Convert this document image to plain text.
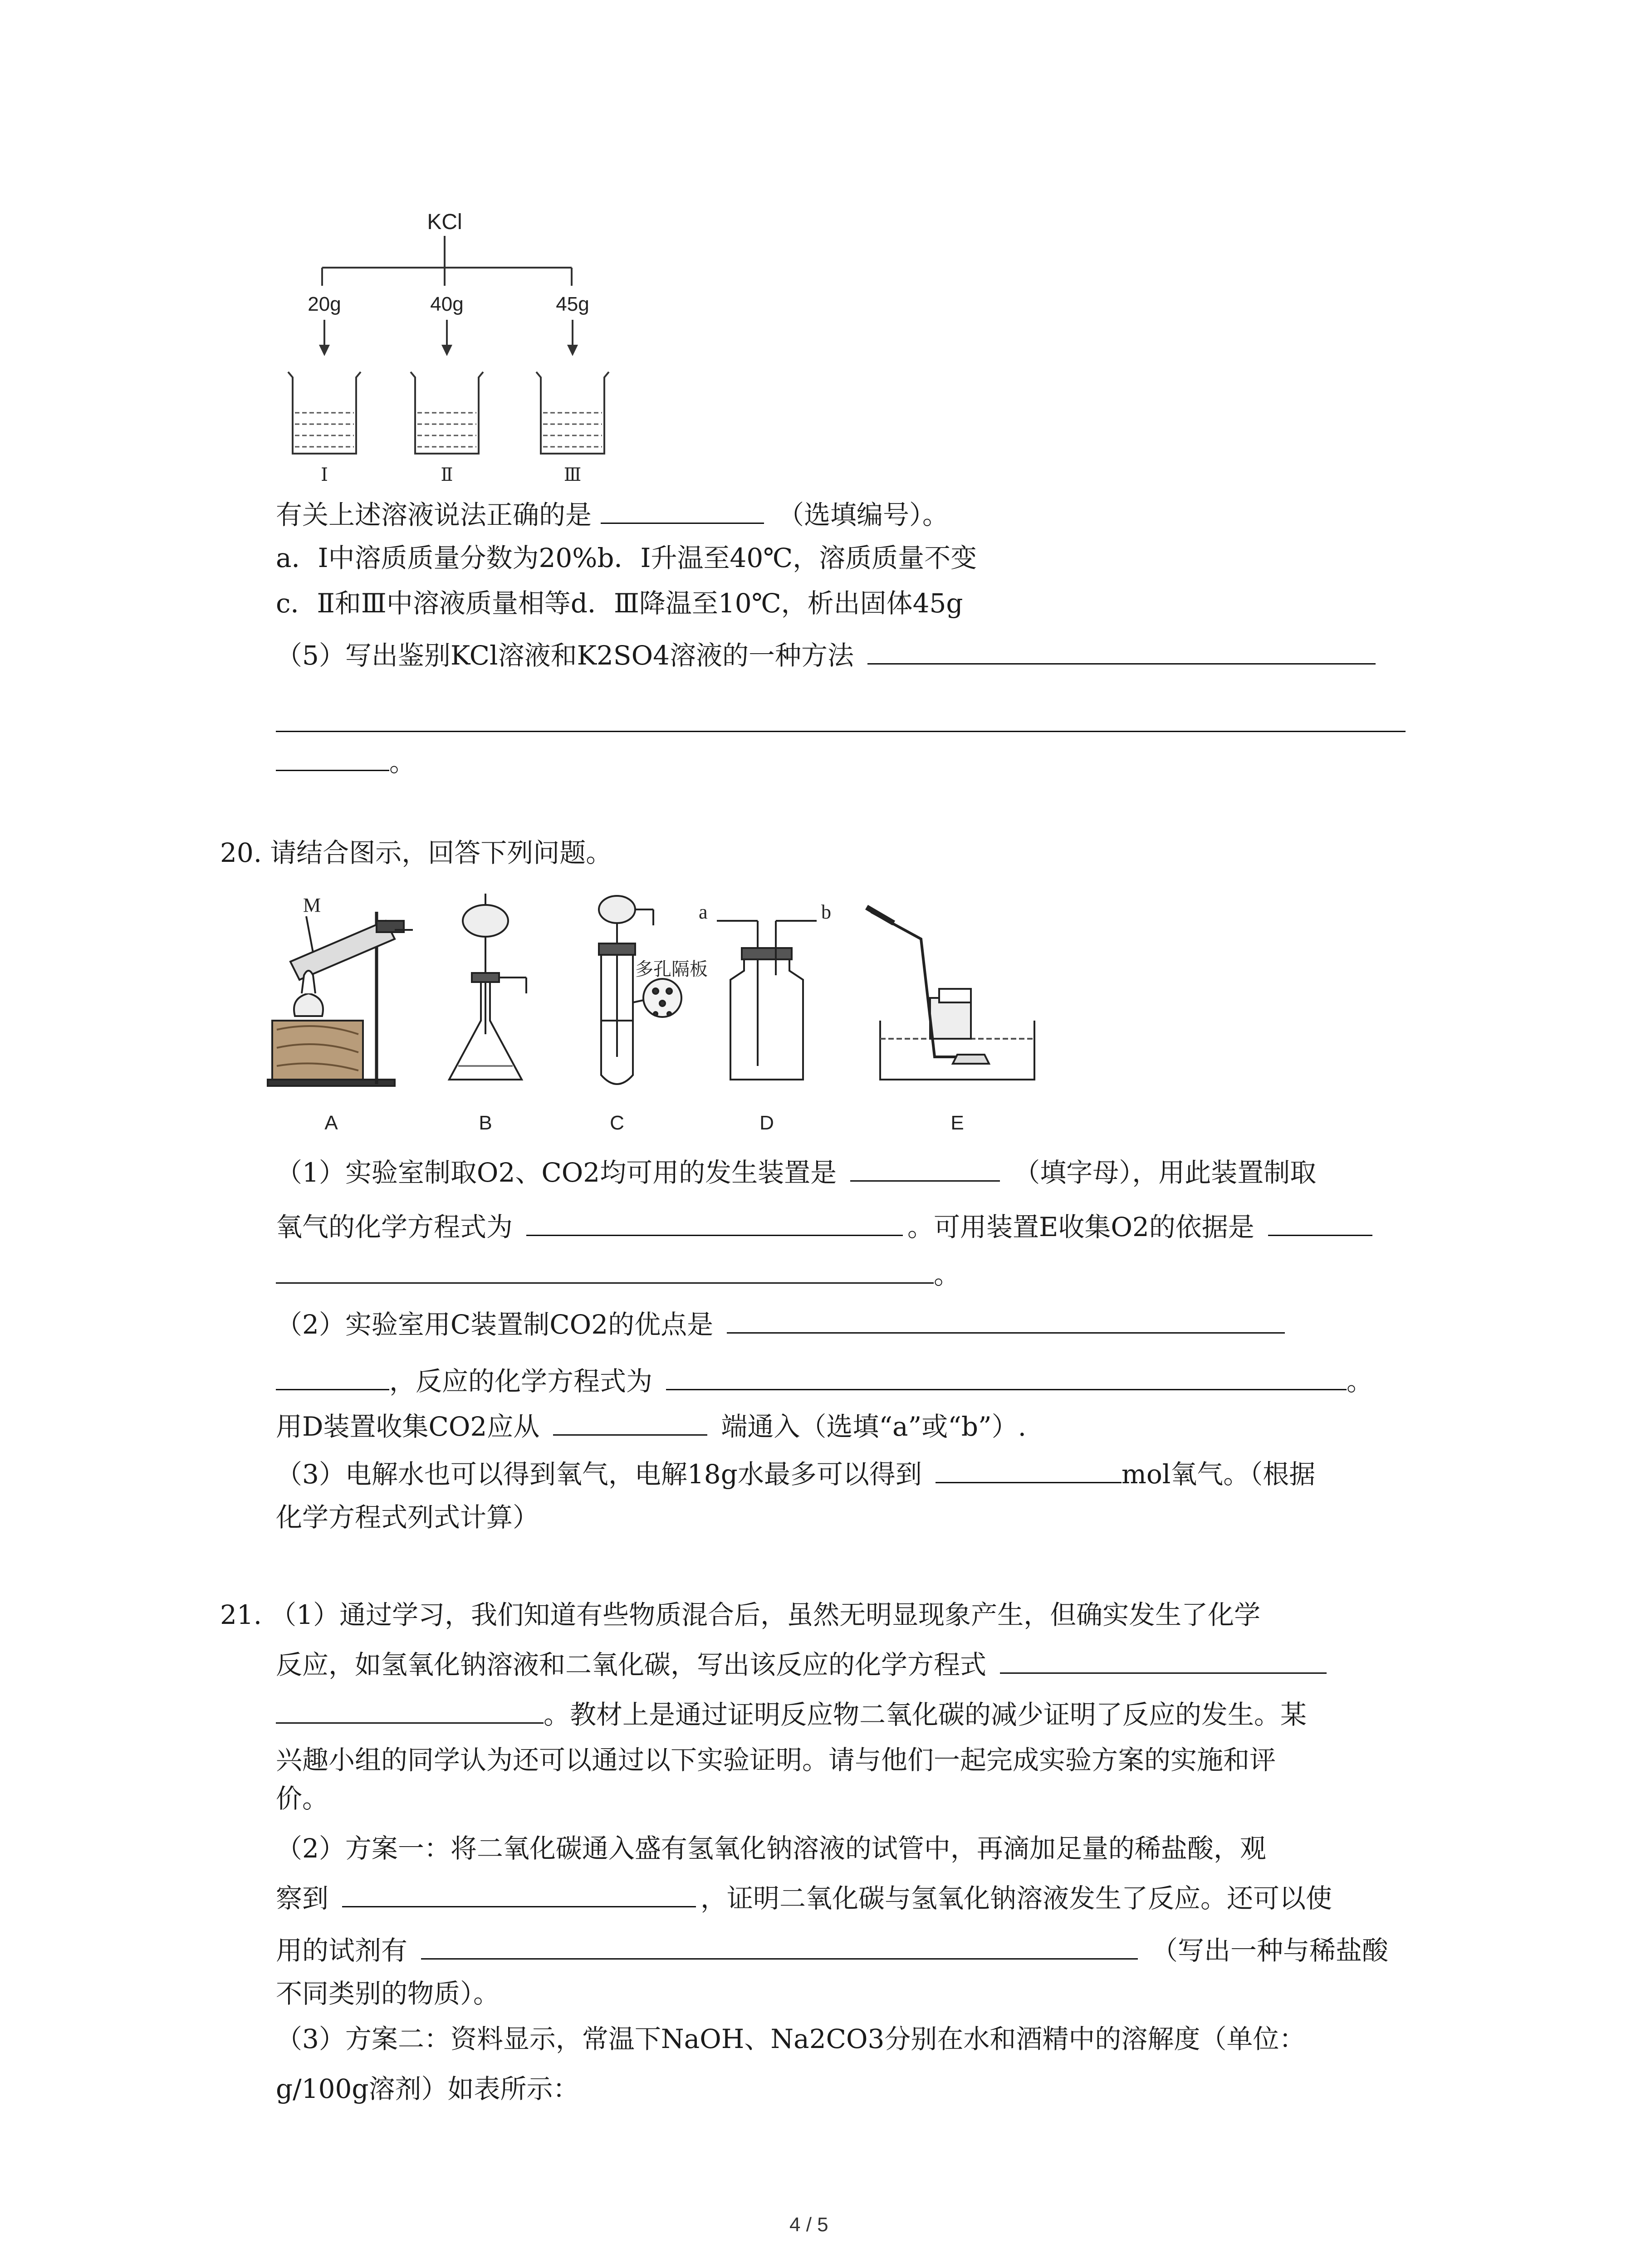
KCl
20g	40g	45g
Ⅰ	Ⅱ	Ⅲ
有关上述溶液说法正确的是	（选填编号）。
a．I中溶质质量分数为20%b．I升温至40℃，溶质质量不变
c．Ⅱ和Ⅲ中溶液质量相等d．Ⅲ降温至10℃，析出固体45g
（5）写出鉴别KCl溶液和K2SO4溶液的一种方法
。
20. 请结合图示，回答下列问题。
M
多孔隔板
a	b
A	B	C	D	E
（1）实验室制取O2、CO2均可用的发生装置是	（填字母），用此装置制取
氧气的化学方程式为	。可用装置E收集O2的依据是
。
（2）实验室用C装置制CO2的优点是
，反应的化学方程式为	。
用D装置收集CO2应从	端通入（选填“a”或“b”）.
（3）电解水也可以得到氧气，电解18g水最多可以得到	mol氧气。（根据
化学方程式列式计算）
21. （1）通过学习，我们知道有些物质混合后，虽然无明显现象产生，但确实发生了化学
反应，如氢氧化钠溶液和二氧化碳，写出该反应的化学方程式
。教材上是通过证明反应物二氧化碳的减少证明了反应的发生。某
兴趣小组的同学认为还可以通过以下实验证明。请与他们一起完成实验方案的实施和评
价。
（2）方案一：将二氧化碳通入盛有氢氧化钠溶液的试管中，再滴加足量的稀盐酸，观
察到	，证明二氧化碳与氢氧化钠溶液发生了反应。还可以使
用的试剂有	（写出一种与稀盐酸
不同类别的物质）。
（3）方案二：资料显示，常温下NaOH、Na2CO3分别在水和酒精中的溶解度（单位：
g/100g溶剂）如表所示：
4 / 5
